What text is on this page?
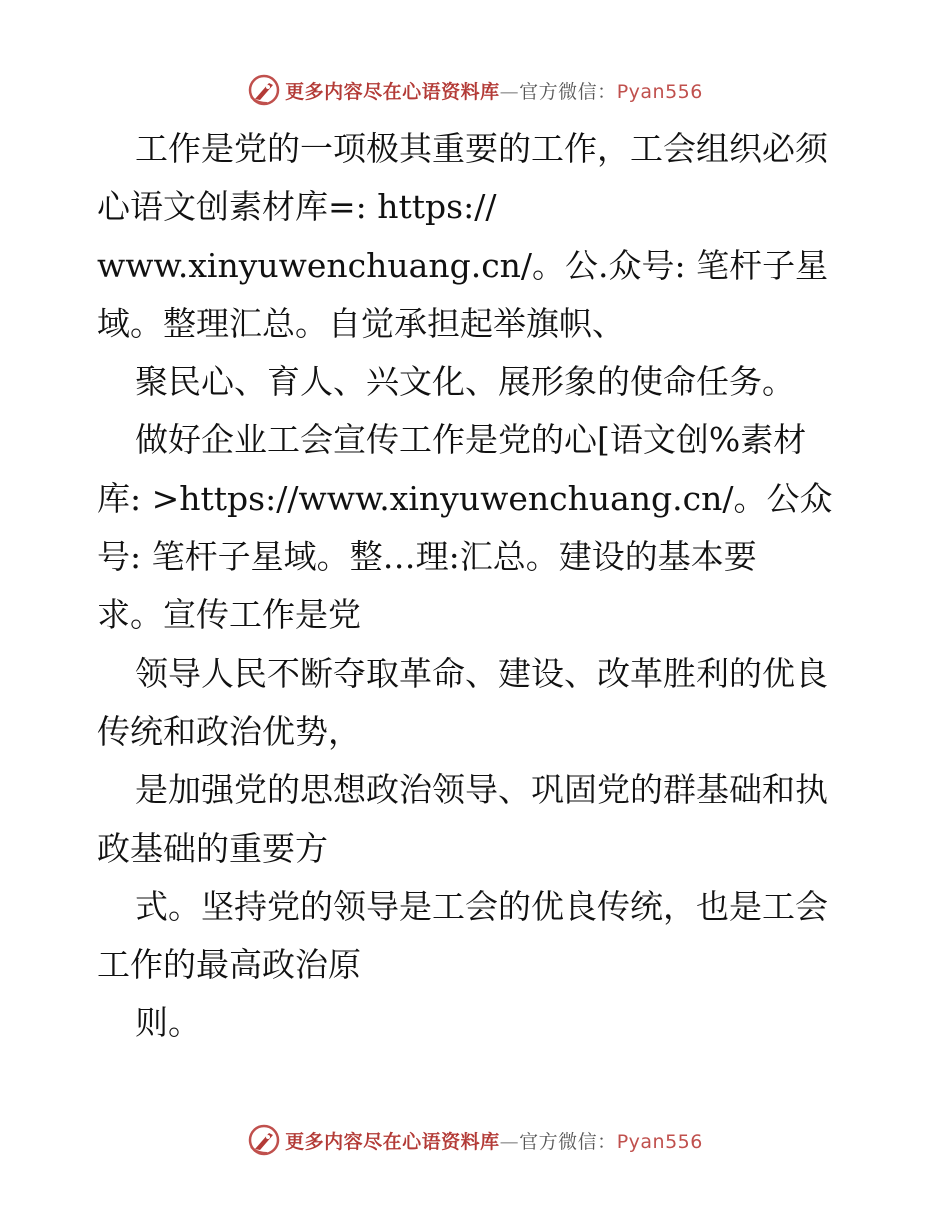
更多内容尽在心语资料库—官方微信：Pyan556
工作是党的一项极其重要的工作，工会组织必须
心语文创素材库=: https://
www.xinyuwenchuang.cn/。公.众号: 笔杆子星
域。整理汇总。自觉承担起举旗帜、
聚民心、育人、兴文化、展形象的使命任务。
做好企业工会宣传工作是党的心[语文创%素材
库: >https://www.xinyuwenchuang.cn/。公众
号: 笔杆子星域。整…理:汇总。建设的基本要
求。宣传工作是党
领导人民不断夺取革命、建设、改革胜利的优良
传统和政治优势，
是加强党的思想政治领导、巩固党的群基础和执
政基础的重要方
式。坚持党的领导是工会的优良传统，也是工会
工作的最高政治原
则。
更多内容尽在心语资料库—官方微信：Pyan556
